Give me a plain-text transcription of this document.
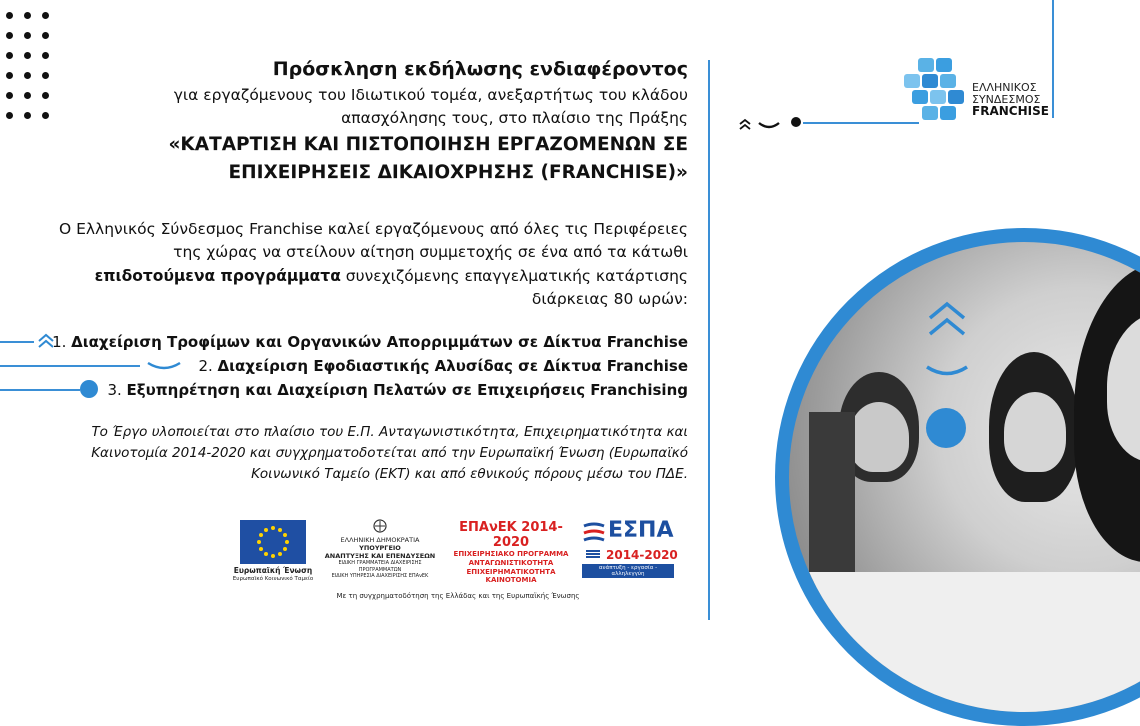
Πρόσκληση εκδήλωσης ενδιαφέροντος
για εργαζόμενους του Ιδιωτικού τομέα, ανεξαρτήτως του κλάδου
απασχόλησης τους, στο πλαίσιο της Πράξης
«ΚΑΤΑΡΤΙΣΗ ΚΑΙ ΠΙΣΤΟΠΟΙΗΣΗ ΕΡΓΑΖΟΜΕΝΩΝ ΣΕ
ΕΠΙΧΕΙΡΗΣΕΙΣ ΔΙΚΑΙΟΧΡΗΣΗΣ (FRANCHISE)»
Ο Ελληνικός Σύνδεσμος Franchise καλεί εργαζόμενους από όλες τις Περιφέρειες
της χώρας να στείλουν αίτηση συμμετοχής σε ένα από τα κάτωθι
επιδοτούμενα προγράμματα συνεχιζόμενης επαγγελματικής κατάρτισης
διάρκειας 80 ωρών:
1. Διαχείριση Τροφίμων και Οργανικών Απορριμμάτων σε Δίκτυα Franchise
2. Διαχείριση Εφοδιαστικής Αλυσίδας σε Δίκτυα Franchise
3. Εξυπηρέτηση και Διαχείριση Πελατών σε Επιχειρήσεις Franchising
Το Έργο υλοποιείται στο πλαίσιο του Ε.Π. Ανταγωνιστικότητα, Επιχειρηματικότητα και
Καινοτομία 2014-2020 και συγχρηματοδοτείται από την Ευρωπαϊκή Ένωση (Ευρωπαϊκό
Κοινωνικό Ταμείο (ΕΚΤ) και από εθνικούς πόρους μέσω του ΠΔΕ.
Ευρωπαϊκή Ένωση
Ευρωπαϊκό Κοινωνικό Ταμείο
ΕΛΛΗΝΙΚΗ ΔΗΜΟΚΡΑΤΙΑ
ΥΠΟΥΡΓΕΙΟ
ΑΝΑΠΤΥΞΗΣ ΚΑΙ ΕΠΕΝΔΥΣΕΩΝ
ΕΙΔΙΚΗ ΓΡΑΜΜΑΤΕΙΑ ΔΙΑΧΕΙΡΙΣΗΣ ΠΡΟΓΡΑΜΜΑΤΩΝ
ΕΙΔΙΚΗ ΥΠΗΡΕΣΙΑ ΔΙΑΧΕΙΡΙΣΗΣ ΕΠΑνΕΚ
ΕΠΑνΕΚ 2014-2020
ΕΠΙΧΕΙΡΗΣΙΑΚΟ ΠΡΟΓΡΑΜΜΑ
ΑΝΤΑΓΩΝΙΣΤΙΚΟΤΗΤΑ
ΕΠΙΧΕΙΡΗΜΑΤΙΚΟΤΗΤΑ
ΚΑΙΝΟΤΟΜΙΑ
ΕΣΠΑ
2014-2020
ανάπτυξη - εργασία - αλληλεγγύη
Με τη συγχρηματοδότηση της Ελλάδας και της Ευρωπαϊκής Ένωσης
ΕΛΛΗΝΙΚΟΣ
ΣΥΝΔΕΣΜΟΣ
FRANCHISE
